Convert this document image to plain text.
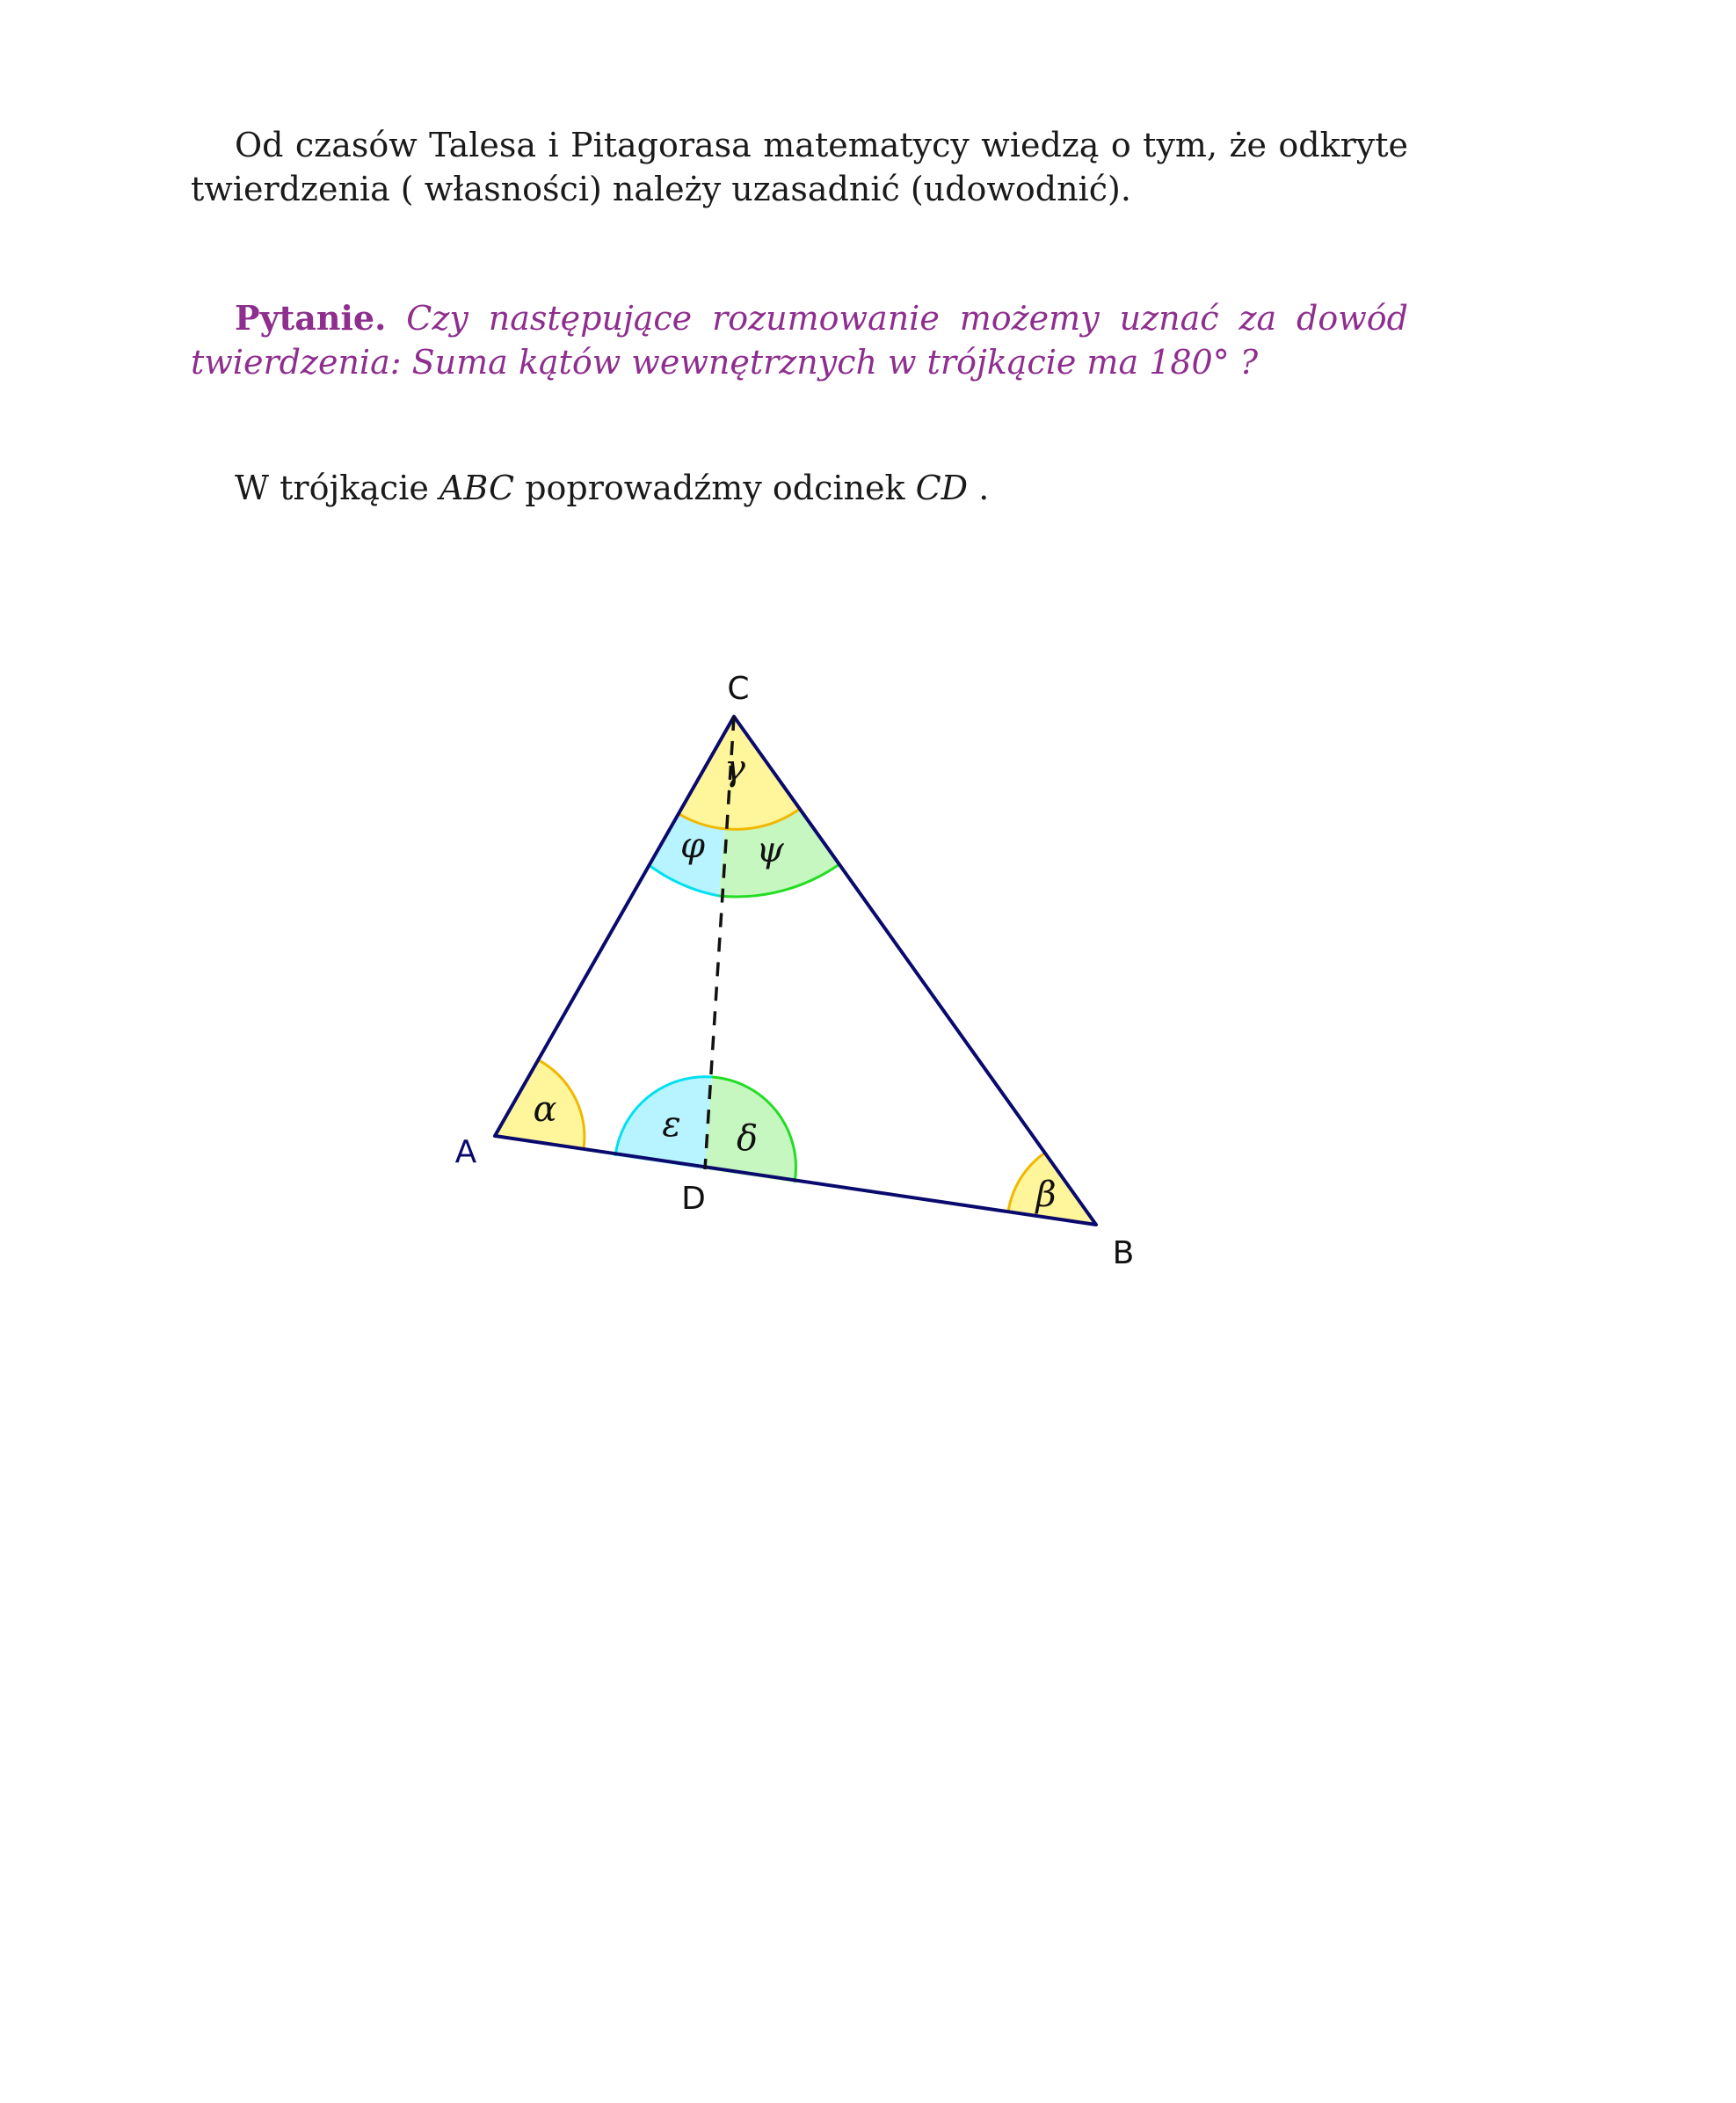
Od czasów Talesa i Pitagorasa matematycy wiedzą o tym, że odkryte twierdzenia ( własności) należy uzasadnić (udowodnić).

Pytanie. Czy następujące rozumowanie możemy uznać za dowód twierdzenia: Suma kątów wewnętrznych w trójkącie ma 180° ?

W trójkącie ABC poprowadźmy odcinek CD .

C
A
D
B
γ
φ ψ
α	ε δ
β
